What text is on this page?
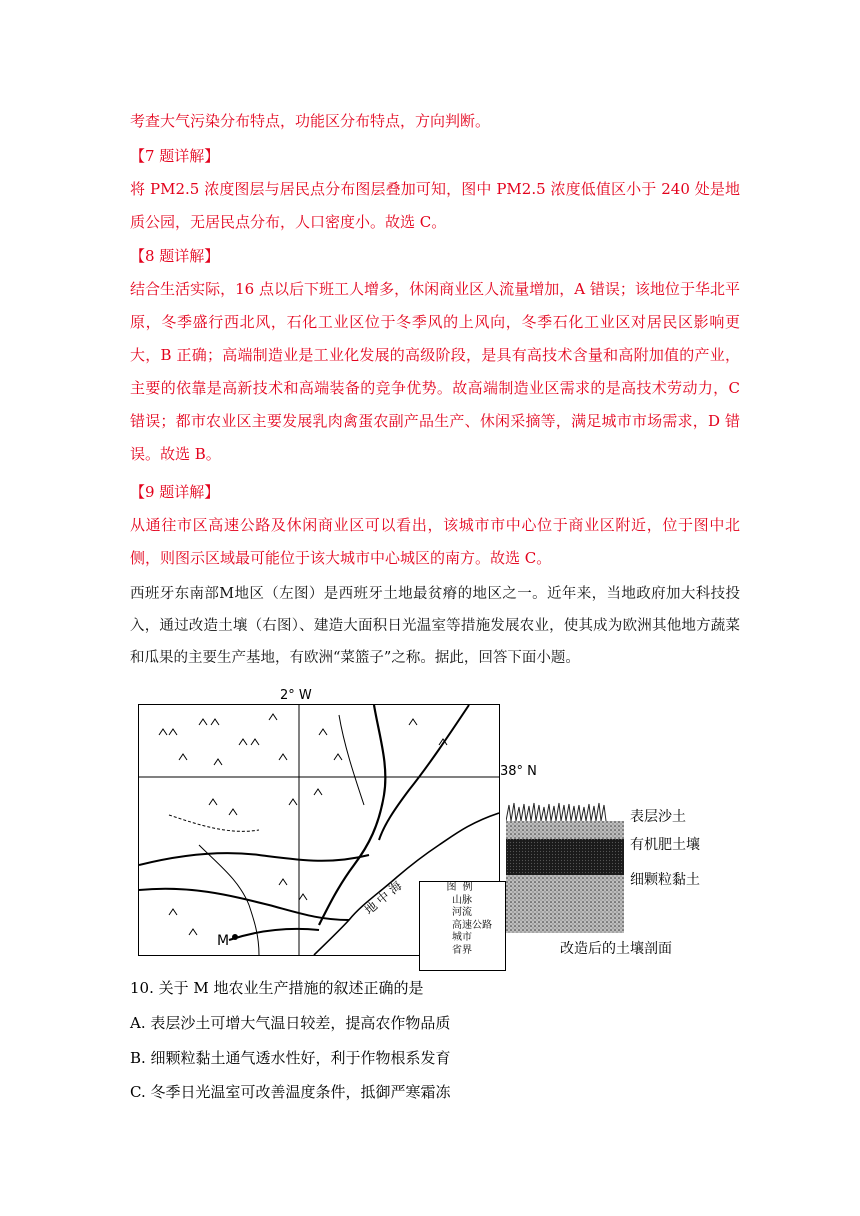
考查大气污染分布特点，功能区分布特点，方向判断。

【7 题详解】

将 PM2.5 浓度图层与居民点分布图层叠加可知，图中 PM2.5 浓度低值区小于 240 处是地质公园，无居民点分布，人口密度小。故选 C。

【8 题详解】

结合生活实际，16 点以后下班工人增多，休闲商业区人流量增加，A 错误；该地位于华北平原，冬季盛行西北风，石化工业区位于冬季风的上风向，冬季石化工业区对居民区影响更大，B 正确；高端制造业是工业化发展的高级阶段，是具有高技术含量和高附加值的产业，主要的依靠是高新技术和高端装备的竞争优势。故高端制造业区需求的是高技术劳动力，C 错误；都市农业区主要发展乳肉禽蛋农副产品生产、休闲采摘等，满足城市市场需求，D 错误。故选 B。

【9 题详解】

从通往市区高速公路及休闲商业区可以看出，该城市市中心位于商业区附近，位于图中北侧，则图示区域最可能位于该大城市中心城区的南方。故选 C。

西班牙东南部M地区（左图）是西班牙土地最贫瘠的地区之一。近年来，当地政府加大科技投入，通过改造土壤（右图）、建造大面积日光温室等措施发展农业，使其成为欧洲其他地方蔬菜和瓜果的主要生产基地，有欧洲“菜篮子”之称。据此，回答下面小题。

2° W
38° N
地 中 海
M
图例
山脉
河流
高速公路
城市
省界
表层沙土
有机肥土壤
细颗粒黏土
改造后的土壤剖面

10. 关于 M 地农业生产措施的叙述正确的是

A. 表层沙土可增大气温日较差，提高农作物品质

B. 细颗粒黏土通气透水性好，利于作物根系发育

C. 冬季日光温室可改善温度条件，抵御严寒霜冻
